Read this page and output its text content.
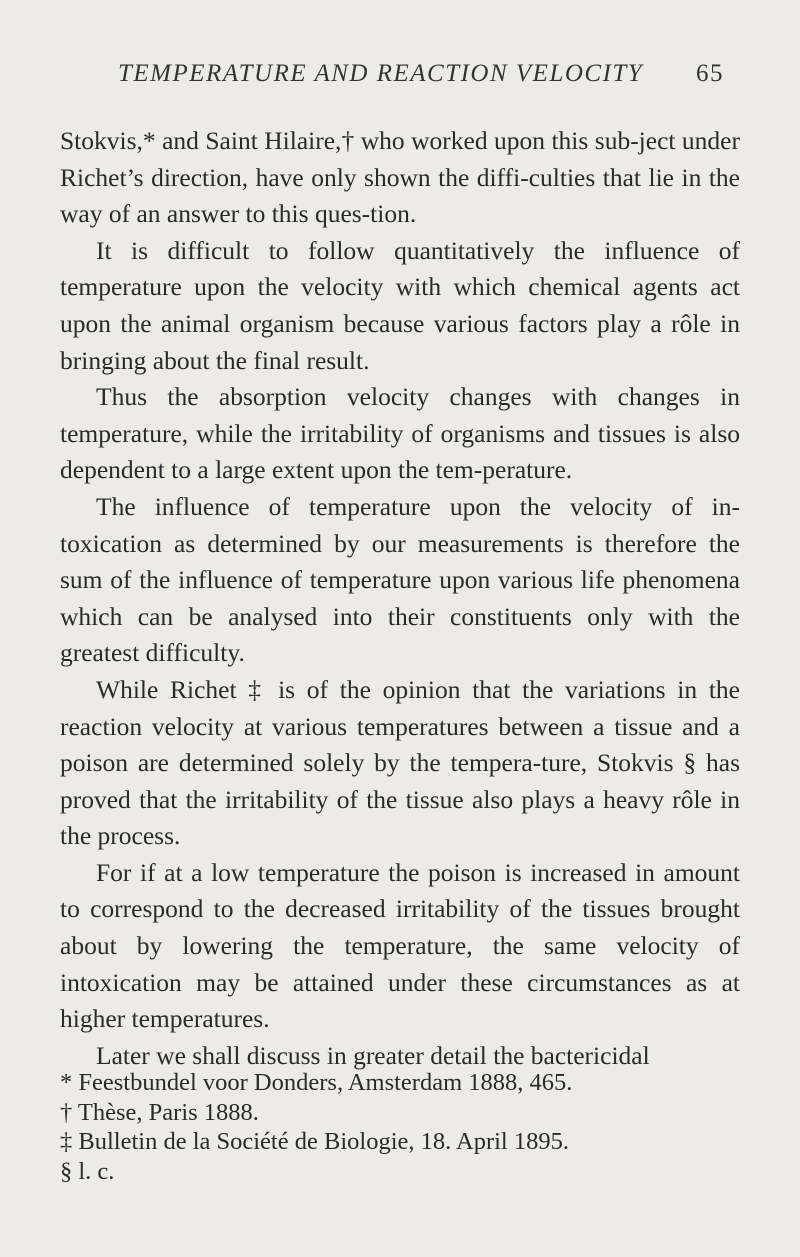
TEMPERATURE AND REACTION VELOCITY 65

Stokvis,* and Saint Hilaire,† who worked upon this sub-ject under Richet’s direction, have only shown the diffi-culties that lie in the way of an answer to this ques-tion.

It is difficult to follow quantitatively the influence of temperature upon the velocity with which chemical agents act upon the animal organism because various factors play a rôle in bringing about the final result.

Thus the absorption velocity changes with changes in temperature, while the irritability of organisms and tissues is also dependent to a large extent upon the tem-perature.

The influence of temperature upon the velocity of in-toxication as determined by our measurements is therefore the sum of the influence of temperature upon various life phenomena which can be analysed into their constituents only with the greatest difficulty.

While Richet ‡ is of the opinion that the variations in the reaction velocity at various temperatures between a tissue and a poison are determined solely by the tempera-ture, Stokvis § has proved that the irritability of the tissue also plays a heavy rôle in the process.

For if at a low temperature the poison is increased in amount to correspond to the decreased irritability of the tissues brought about by lowering the temperature, the same velocity of intoxication may be attained under these circumstances as at higher temperatures.

Later we shall discuss in greater detail the bactericidal

* Feestbundel voor Donders, Amsterdam 1888, 465.

† Thèse, Paris 1888.

‡ Bulletin de la Société de Biologie, 18. April 1895.

§ l. c.
